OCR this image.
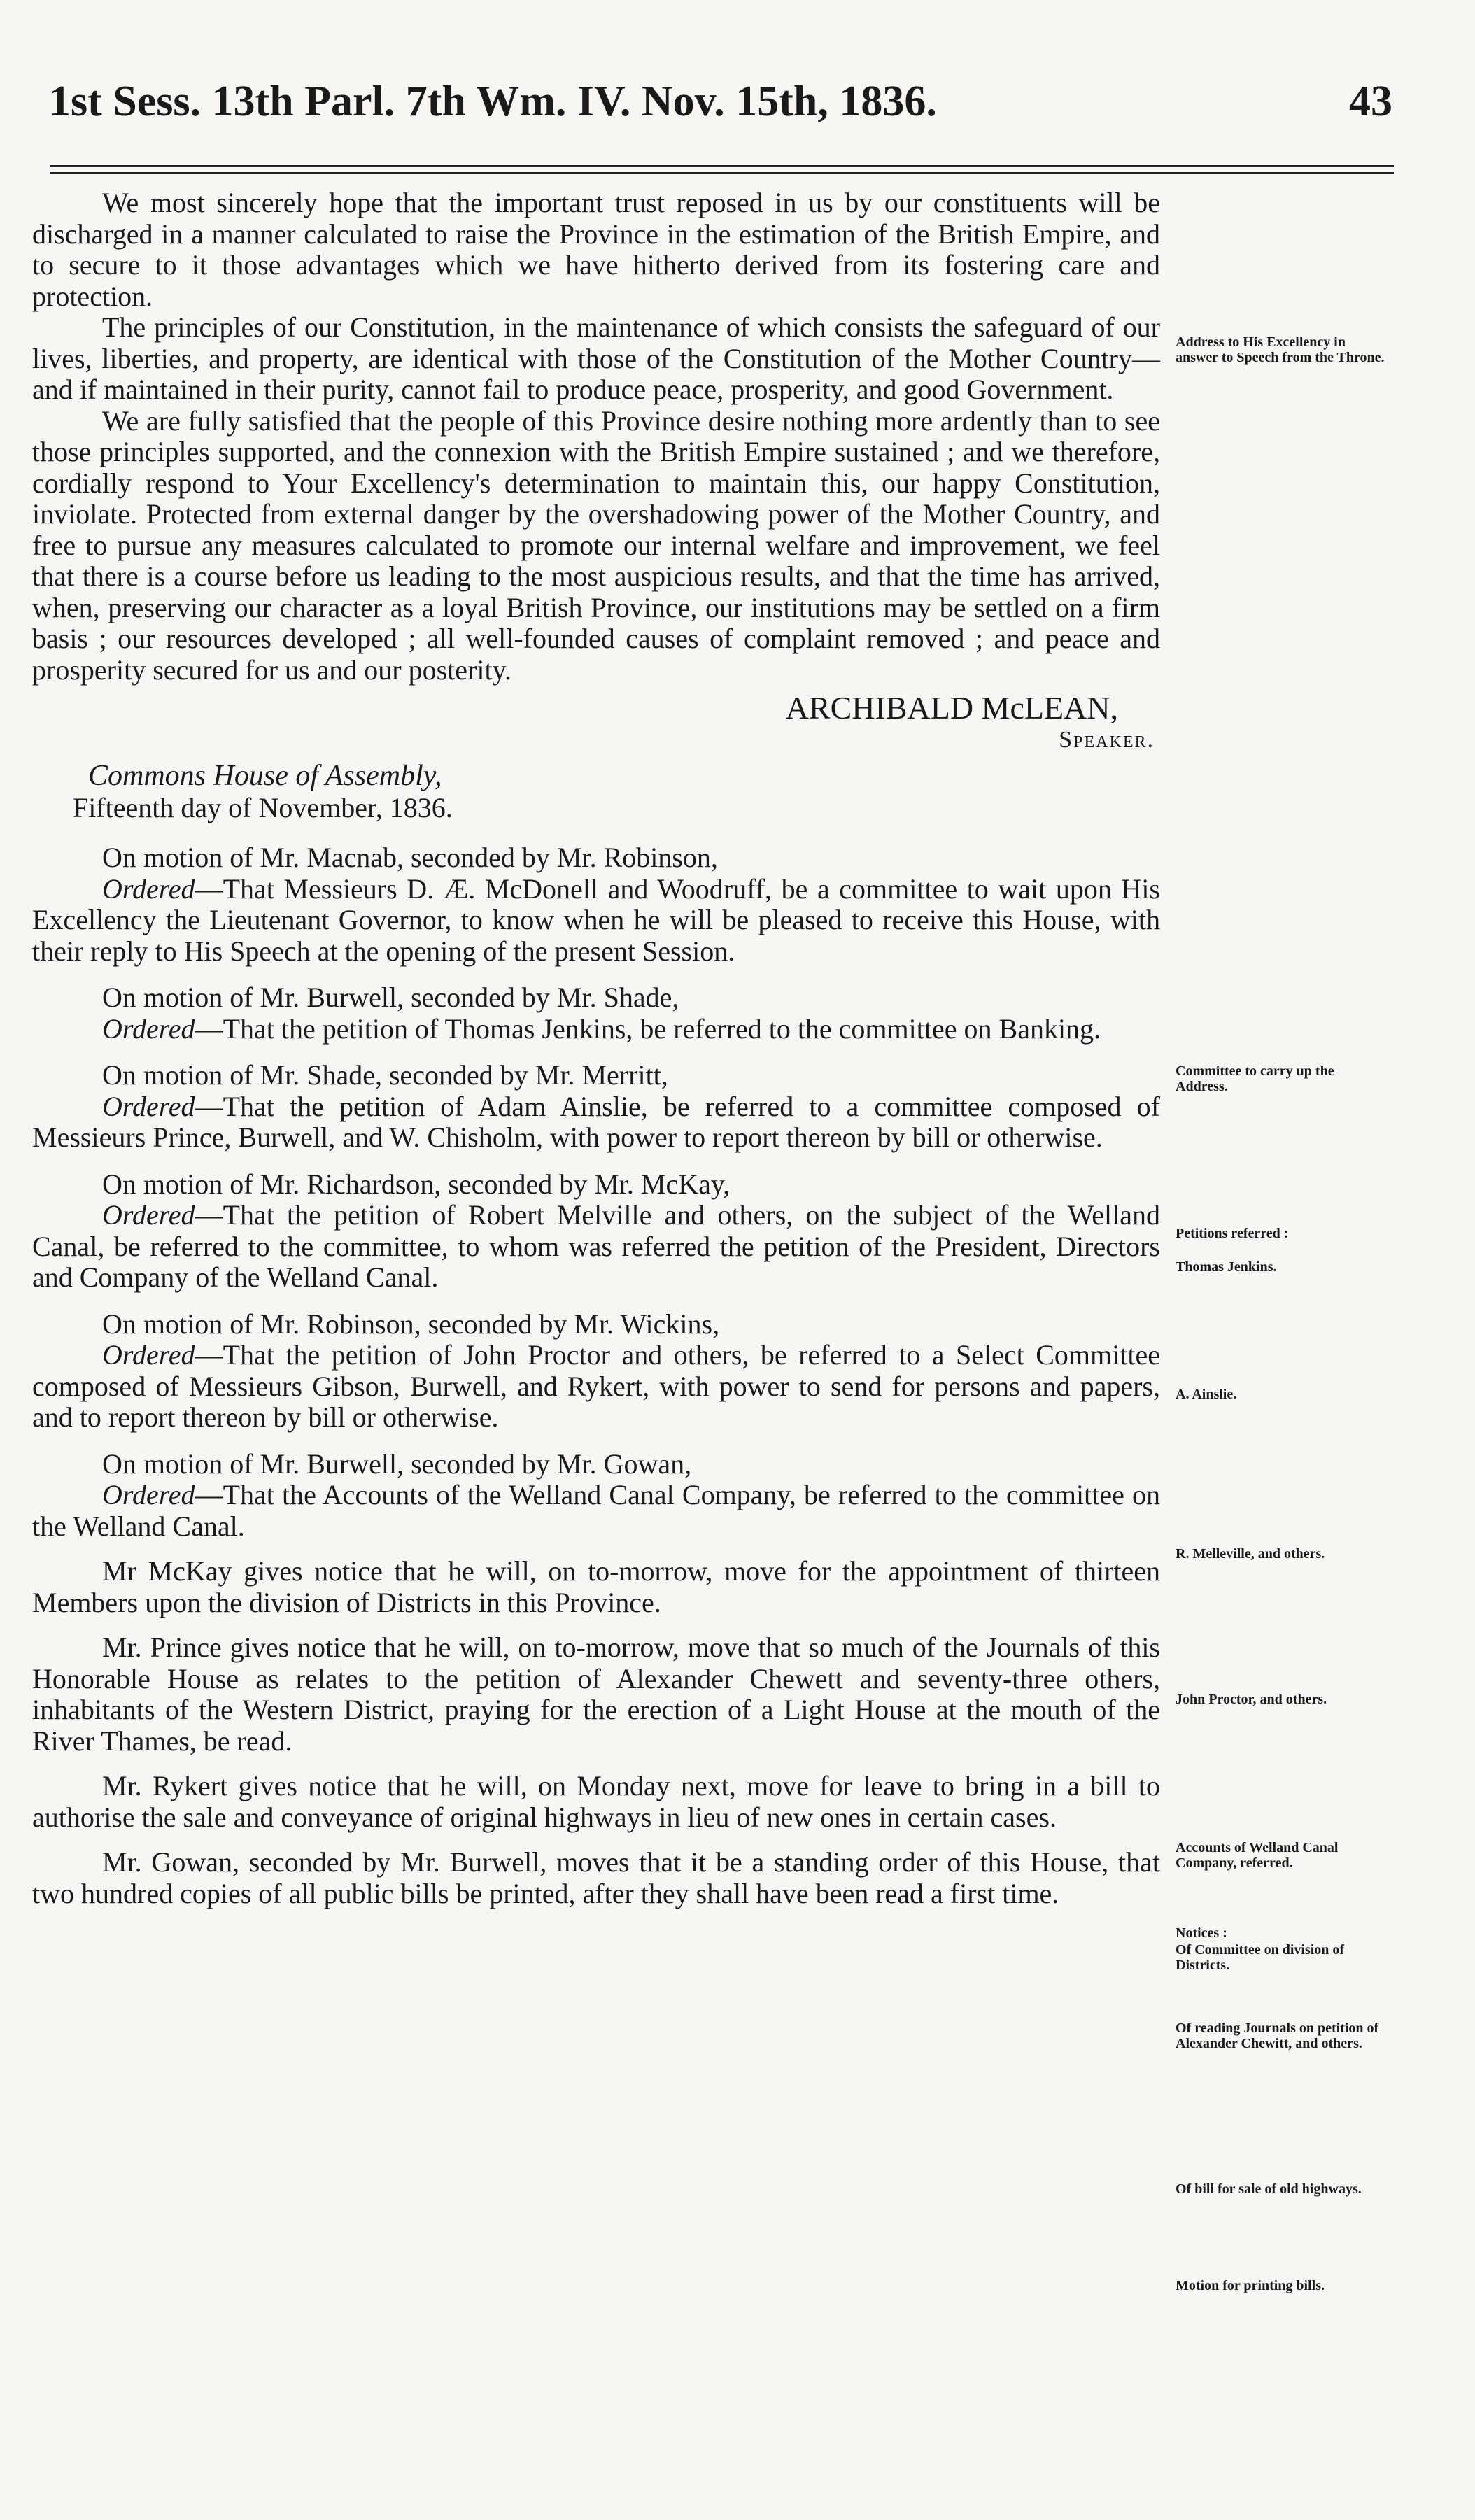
1st Sess. 13th Parl. 7th Wm. IV. Nov. 15th, 1836.	43

We most sincerely hope that the important trust reposed in us by our constituents will be discharged in a manner calculated to raise the Province in the estimation of the British Empire, and to secure to it those advantages which we have hitherto derived from its fostering care and protection.

The principles of our Constitution, in the maintenance of which consists the safeguard of our lives, liberties, and property, are identical with those of the Constitution of the Mother Country—and if maintained in their purity, cannot fail to produce peace, prosperity, and good Government.

We are fully satisfied that the people of this Province desire nothing more ardently than to see those principles supported, and the connexion with the British Empire sustained ; and we therefore, cordially respond to Your Excellency's determination to maintain this, our happy Constitution, inviolate. Protected from external danger by the overshadowing power of the Mother Country, and free to pursue any measures calculated to promote our internal welfare and improvement, we feel that there is a course before us leading to the most auspicious results, and that the time has arrived, when, preserving our character as a loyal British Province, our institutions may be settled on a firm basis ; our resources developed ; all well-founded causes of complaint removed ; and peace and prosperity secured for us and our posterity.

ARCHIBALD McLEAN,
Speaker.
Commons House of Assembly,
Fifteenth day of November, 1836.

On motion of Mr. Macnab, seconded by Mr. Robinson,

Ordered—That Messieurs D. Æ. McDonell and Woodruff, be a committee to wait upon His Excellency the Lieutenant Governor, to know when he will be pleased to receive this House, with their reply to His Speech at the opening of the present Session.

On motion of Mr. Burwell, seconded by Mr. Shade,

Ordered—That the petition of Thomas Jenkins, be referred to the committee on Banking.

On motion of Mr. Shade, seconded by Mr. Merritt,

Ordered—That the petition of Adam Ainslie, be referred to a committee composed of Messieurs Prince, Burwell, and W. Chisholm, with power to report thereon by bill or otherwise.

On motion of Mr. Richardson, seconded by Mr. McKay,

Ordered—That the petition of Robert Melville and others, on the subject of the Welland Canal, be referred to the committee, to whom was referred the petition of the President, Directors and Company of the Welland Canal.

On motion of Mr. Robinson, seconded by Mr. Wickins,

Ordered—That the petition of John Proctor and others, be referred to a Select Committee composed of Messieurs Gibson, Burwell, and Rykert, with power to send for persons and papers, and to report thereon by bill or otherwise.

On motion of Mr. Burwell, seconded by Mr. Gowan,

Ordered—That the Accounts of the Welland Canal Company, be referred to the committee on the Welland Canal.

Mr McKay gives notice that he will, on to-morrow, move for the appointment of thirteen Members upon the division of Districts in this Province.

Mr. Prince gives notice that he will, on to-morrow, move that so much of the Journals of this Honorable House as relates to the petition of Alexander Chewett and seventy-three others, inhabitants of the Western District, praying for the erection of a Light House at the mouth of the River Thames, be read.

Mr. Rykert gives notice that he will, on Monday next, move for leave to bring in a bill to authorise the sale and conveyance of original highways in lieu of new ones in certain cases.

Mr. Gowan, seconded by Mr. Burwell, moves that it be a standing order of this House, that two hundred copies of all public bills be printed, after they shall have been read a first time.

Address to His Excellency in answer to Speech from the Throne.
Committee to carry up the Address.
Petitions referred :
Thomas Jenkins.
A. Ainslie.
R. Melleville, and others.
John Proctor, and others.
Accounts of Welland Canal Company, referred.
Notices :
Of Committee on division of Districts.
Of reading Journals on petition of Alexander Chewitt, and others.
Of bill for sale of old highways.
Motion for printing bills.
